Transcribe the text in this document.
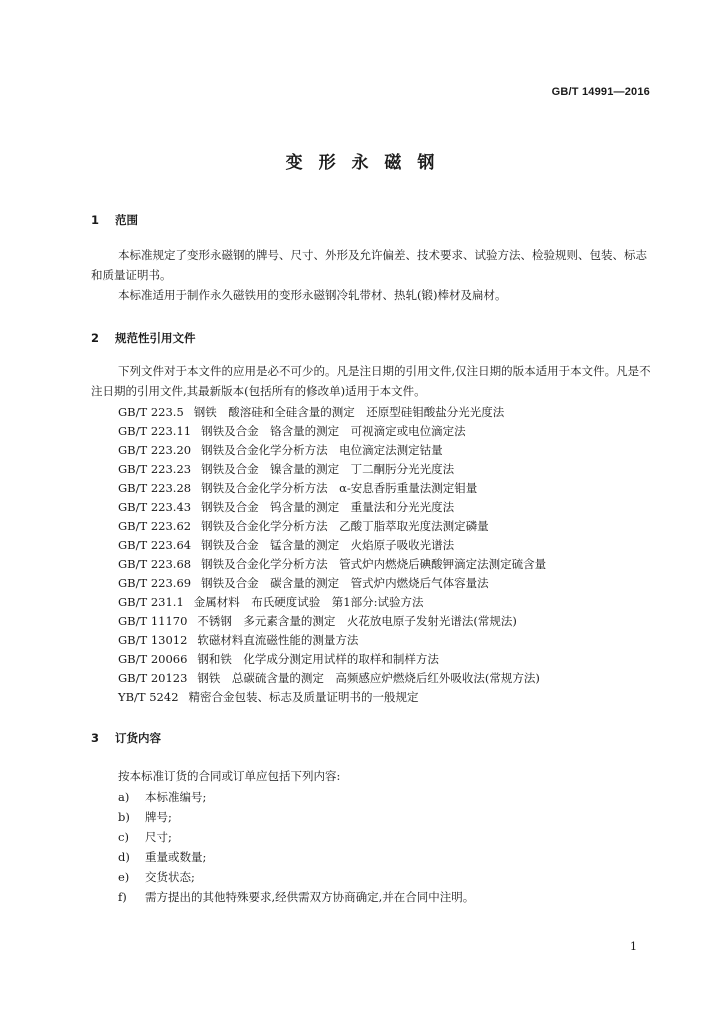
GB/T 14991—2016
变 形 永 磁 钢
1 范围
本标准规定了变形永磁钢的牌号、尺寸、外形及允许偏差、技术要求、试验方法、检验规则、包装、标志和质量证明书。
本标准适用于制作永久磁铁用的变形永磁钢冷轧带材、热轧(锻)棒材及扁材。
2 规范性引用文件
下列文件对于本文件的应用是必不可少的。凡是注日期的引用文件,仅注日期的版本适用于本文件。凡是不注日期的引用文件,其最新版本(包括所有的修改单)适用于本文件。
GB/T 223.5 钢铁　酸溶硅和全硅含量的测定　还原型硅钼酸盐分光光度法
GB/T 223.11 钢铁及合金　铬含量的测定　可视滴定或电位滴定法
GB/T 223.20 钢铁及合金化学分析方法　电位滴定法测定钴量
GB/T 223.23 钢铁及合金　镍含量的测定　丁二酮肟分光光度法
GB/T 223.28 钢铁及合金化学分析方法　α-安息香肟重量法测定钼量
GB/T 223.43 钢铁及合金　钨含量的测定　重量法和分光光度法
GB/T 223.62 钢铁及合金化学分析方法　乙酸丁脂萃取光度法测定磷量
GB/T 223.64 钢铁及合金　锰含量的测定　火焰原子吸收光谱法
GB/T 223.68 钢铁及合金化学分析方法　管式炉内燃烧后碘酸钾滴定法测定硫含量
GB/T 223.69 钢铁及合金　碳含量的测定　管式炉内燃烧后气体容量法
GB/T 231.1 金属材料　布氏硬度试验　第1部分:试验方法
GB/T 11170 不锈钢　多元素含量的测定　火花放电原子发射光谱法(常规法)
GB/T 13012 软磁材料直流磁性能的测量方法
GB/T 20066 钢和铁　化学成分测定用试样的取样和制样方法
GB/T 20123 钢铁　总碳硫含量的测定　高频感应炉燃烧后红外吸收法(常规方法)
YB/T 5242 精密合金包装、标志及质量证明书的一般规定
3 订货内容
按本标准订货的合同或订单应包括下列内容:
a) 本标准编号;
b) 牌号;
c) 尺寸;
d) 重量或数量;
e) 交货状态;
f) 需方提出的其他特殊要求,经供需双方协商确定,并在合同中注明。
1
